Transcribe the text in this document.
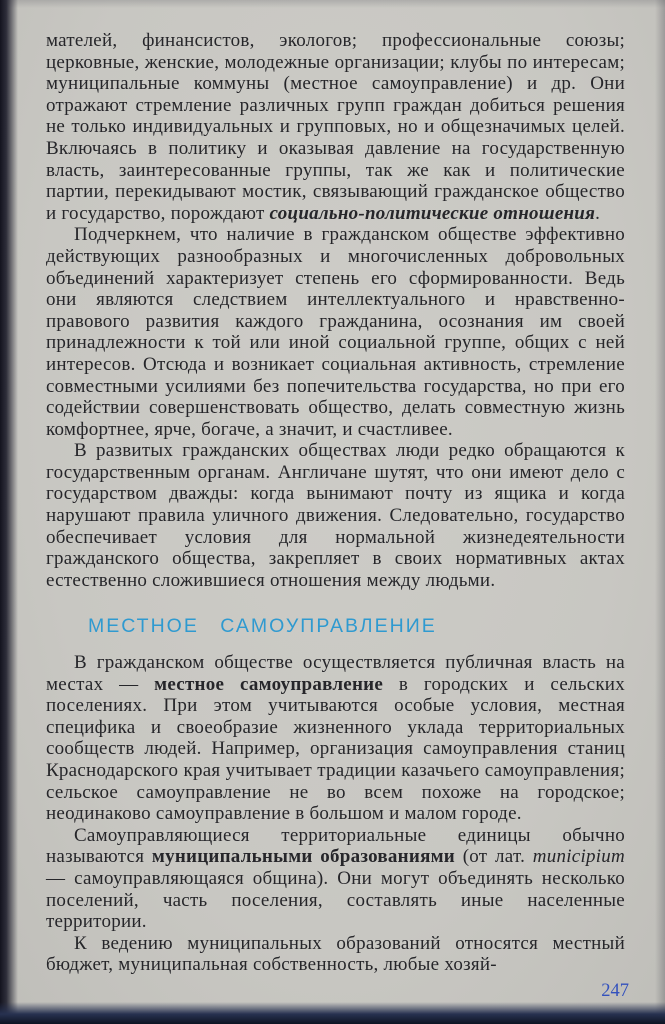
мателей, финансистов, экологов; профессиональные союзы; церковные, женские, молодежные организации; клубы по интересам; муниципальные коммуны (местное самоуправление) и др. Они отражают стремление различных групп граждан добиться решения не только индивидуальных и групповых, но и общезначимых целей. Включаясь в политику и оказывая давление на государственную власть, заинтересованные группы, так же как и политические партии, перекидывают мостик, связывающий гражданское общество и государство, порождают социально-политические отношения.

Подчеркнем, что наличие в гражданском обществе эффективно действующих разнообразных и многочисленных добровольных объединений характеризует степень его сформированности. Ведь они являются следствием интеллектуального и нравственно-правового развития каждого гражданина, осознания им своей принадлежности к той или иной социальной группе, общих с ней интересов. Отсюда и возникает социальная активность, стремление совместными усилиями без попечительства государства, но при его содействии совершенствовать общество, делать совместную жизнь комфортнее, ярче, богаче, а значит, и счастливее.

В развитых гражданских обществах люди редко обращаются к государственным органам. Англичане шутят, что они имеют дело с государством дважды: когда вынимают почту из ящика и когда нарушают правила уличного движения. Следовательно, государство обеспечивает условия для нормальной жизнедеятельности гражданского общества, закрепляет в своих нормативных актах естественно сложившиеся отношения между людьми.

МЕСТНОЕ САМОУПРАВЛЕНИЕ

В гражданском обществе осуществляется публичная власть на местах — местное самоуправление в городских и сельских поселениях. При этом учитываются особые условия, местная специфика и своеобразие жизненного уклада территориальных сообществ людей. Например, организация самоуправления станиц Краснодарского края учитывает традиции казачьего самоуправления; сельское самоуправление не во всем похоже на городское; неодинаково самоуправление в большом и малом городе.

Самоуправляющиеся территориальные единицы обычно называются муниципальными образованиями (от лат. municipium — самоуправляющаяся община). Они могут объединять несколько поселений, часть поселения, составлять иные населенные территории.

К ведению муниципальных образований относятся местный бюджет, муниципальная собственность, любые хозяй-

247
